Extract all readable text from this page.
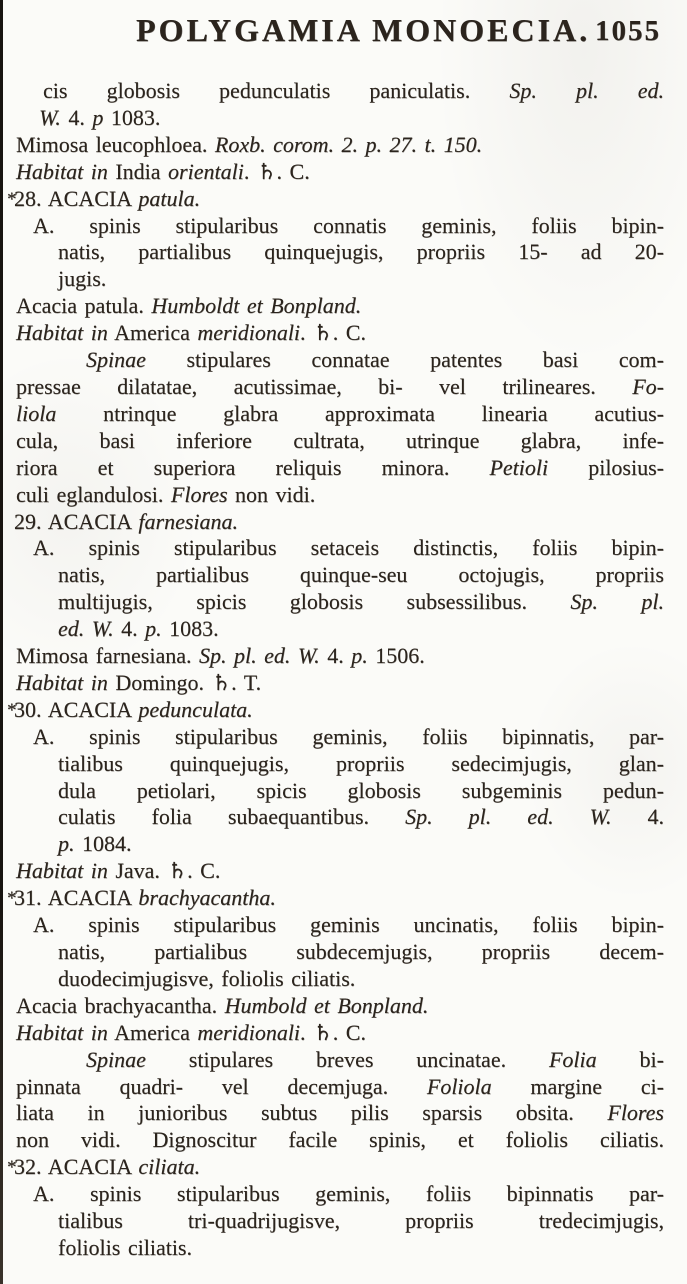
POLYGAMIA MONOECIA. 1055
cis globosis pedunculatis paniculatis. Sp. pl. ed.
W. 4. p 1083.
Mimosa leucophloea. Roxb. corom. 2. p. 27. t. 150.
Habitat in India orientali. ♄. C.
*
28. ACACIA patula.
A. spinis stipularibus connatis geminis, foliis bipin-
natis, partialibus quinquejugis, propriis 15- ad 20-
jugis.
Acacia patula. Humboldt et Bonpland.
Habitat in America meridionali. ♄. C.
Spinae stipulares connatae patentes basi com-
pressae dilatatae, acutissimae, bi- vel trilineares. Fo-
liola ntrinque glabra approximata linearia acutius-
cula, basi inferiore cultrata, utrinque glabra, infe-
riora et superiora reliquis minora. Petioli pilosius-
culi eglandulosi. Flores non vidi.
29. ACACIA farnesiana.
A. spinis stipularibus setaceis distinctis, foliis bipin-
natis, partialibus quinque-seu octojugis, propriis
multijugis, spicis globosis subsessilibus. Sp. pl.
ed. W. 4. p. 1083.
Mimosa farnesiana. Sp. pl. ed. W. 4. p. 1506.
Habitat in Domingo. ♄. T.
*
30. ACACIA pedunculata.
A. spinis stipularibus geminis, foliis bipinnatis, par-
tialibus quinquejugis, propriis sedecimjugis, glan-
dula petiolari, spicis globosis subgeminis pedun-
culatis folia subaequantibus. Sp. pl. ed. W. 4.
p. 1084.
Habitat in Java. ♄. C.
*
31. ACACIA brachyacantha.
A. spinis stipularibus geminis uncinatis, foliis bipin-
natis, partialibus subdecemjugis, propriis decem-
duodecimjugisve, foliolis ciliatis.
Acacia brachyacantha. Humbold et Bonpland.
Habitat in America meridionali. ♄. C.
Spinae stipulares breves uncinatae. Folia bi-
pinnata quadri- vel decemjuga. Foliola margine ci-
liata in junioribus subtus pilis sparsis obsita. Flores
non vidi. Dignoscitur facile spinis, et foliolis ciliatis.
*
32. ACACIA ciliata.
A. spinis stipularibus geminis, foliis bipinnatis par-
tialibus tri-quadrijugisve, propriis tredecimjugis,
foliolis ciliatis.
